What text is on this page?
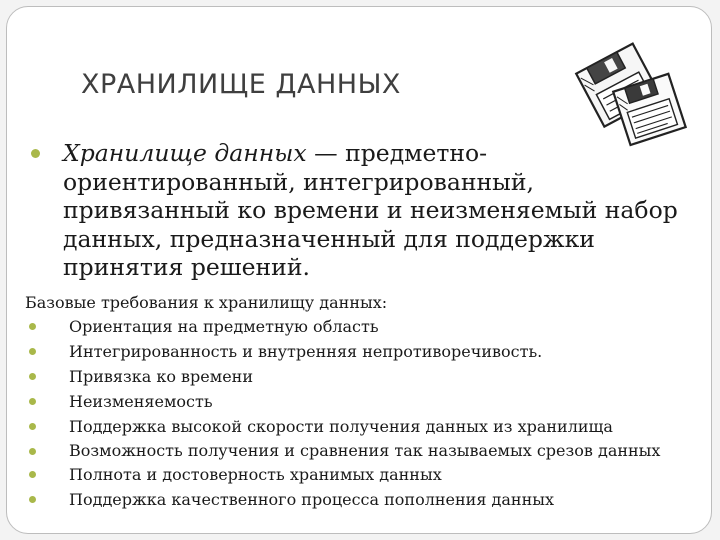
ХРАНИЛИЩЕ ДАННЫХ
Хранилище данных — предметно-ориентированный, интегрированный, привязанный ко времени и неизменяемый набор данных, предназначенный для поддержки принятия решений.

Базовые требования к хранилищу данных:

Ориентация на предметную область
Интегрированность и внутренняя непротиворечивость.
Привязка ко времени
Неизменяемость
Поддержка высокой скорости получения данных из хранилища
Возможность получения и сравнения так называемых срезов данных
Полнота и достоверность хранимых данных
Поддержка качественного процесса пополнения данных
